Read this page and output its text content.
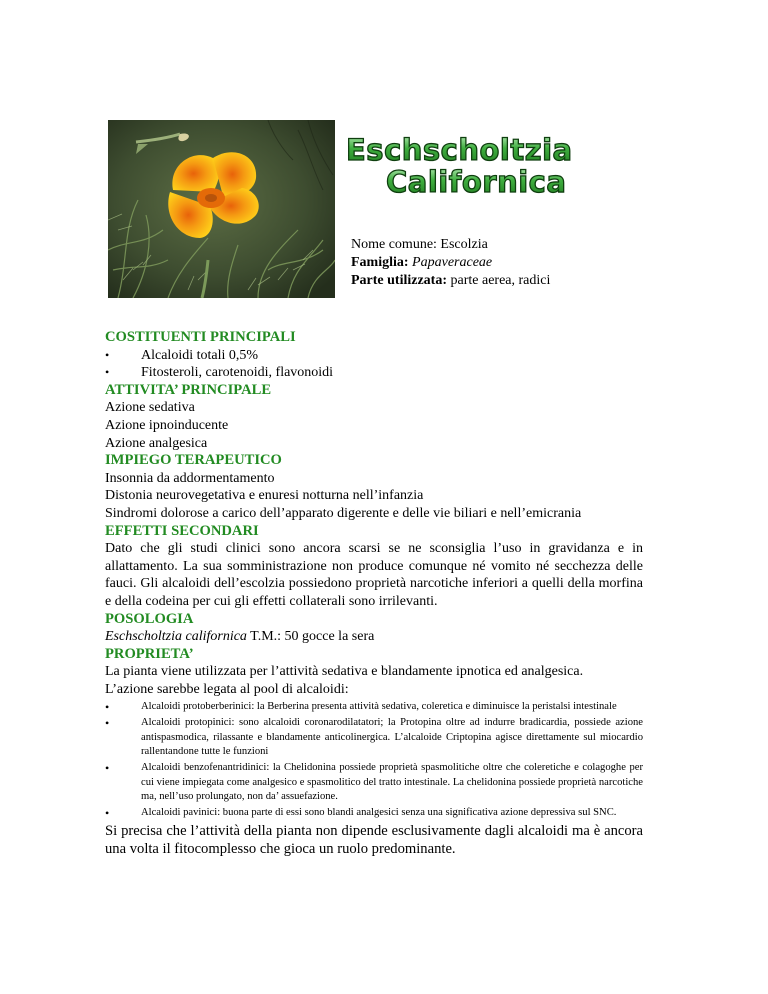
Eschscholtzia
Californica
Nome comune: Escolzia
Famiglia: Papaveraceae
Parte utilizzata: parte aerea, radici
COSTITUENTI PRINCIPALI
• Alcaloidi totali 0,5%
• Fitosteroli, carotenoidi, flavonoidi
ATTIVITA’ PRINCIPALE
Azione sedativa
Azione ipnoinducente
Azione analgesica
IMPIEGO TERAPEUTICO
Insonnia da addormentamento
Distonia neurovegetativa e enuresi notturna nell’infanzia
Sindromi dolorose a carico dell’apparato digerente e delle vie biliari e nell’emicrania
EFFETTI SECONDARI
Dato che gli studi clinici sono ancora scarsi se ne sconsiglia l’uso in gravidanza e in allattamento. La sua somministrazione non produce comunque né vomito né secchezza delle fauci. Gli alcaloidi dell’escolzia possiedono proprietà narcotiche inferiori a quelli della morfina e della codeina per cui gli effetti collaterali sono irrilevanti.
POSOLOGIA
Eschscholtzia californica T.M.: 50 gocce la sera
PROPRIETA’
La pianta viene utilizzata per l’attività sedativa e blandamente ipnotica ed analgesica.
L’azione sarebbe legata al pool di alcaloidi:
• Alcaloidi protoberberinici: la Berberina presenta attività sedativa, coleretica e diminuisce la peristalsi intestinale
• Alcaloidi protopinici: sono alcaloidi coronarodilatatori; la Protopina oltre ad indurre bradicardia, possiede azione antispasmodica, rilassante e blandamente anticolinergica. L’alcaloide Criptopina agisce direttamente sul miocardio rallentandone tutte le funzioni
• Alcaloidi benzofenantridinici: la Chelidonina possiede proprietà spasmolitiche oltre che coleretiche e colagoghe per cui viene impiegata come analgesico e spasmolitico del tratto intestinale. La chelidonina possiede proprietà narcotiche ma, nell’uso prolungato, non da’ assuefazione.
• Alcaloidi pavinici: buona parte di essi sono blandi analgesici senza una significativa azione depressiva sul SNC.
Si precisa che l’attività della pianta non dipende esclusivamente dagli alcaloidi ma è ancora una volta il fitocomplesso che gioca un ruolo predominante.
